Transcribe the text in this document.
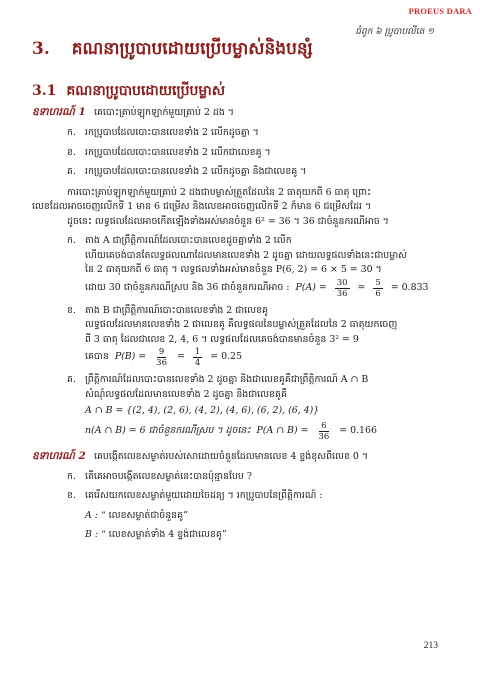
PROEUS DARA
ជំពូក ៦ ប្រូបាបលីតេ ១
3. គណនាប្រូបាបដោយប្រើបម្លាស់និងបន្សំ
3.1 គណនាប្រូបាបដោយប្រើបម្លាស់
ឧទាហរណ៍ 1 គេបោះគ្រាប់ឡុកឡាក់មួយគ្រាប់ 2 ដង ។
ក. រកប្រូបាបដែលបោះបានលេខទាំង 2 លើកដូចគ្នា ។
ខ. រកប្រូបាបដែលបោះបានលេខទាំង 2 លើកជាលេខគូ ។
គ. រកប្រូបាបដែលបោះបានលេខទាំង 2 លើកដូចគ្នា និងជាលេខគូ ។
ការបោះគ្រាប់ឡុកឡាក់មួយគ្រាប់ 2 ដងជាបម្លាស់ត្រួតដែលនៃ 2 ធាតុយកពី 6 ធាតុ ព្រោះ
លេខដែលអាចចេញលើកទី 1 មាន 6 ជម្រើស និងលេខអាចចេញលើកទី 2 ក៏មាន 6 ជម្រើសដែរ ។
ដូចនេះ លទ្ធផលដែលអាចកើតឡើងទាំងអស់មានចំនួន 6² = 36 ។ 36 ជាចំនួនករណីអាច ។
ក. តាង A ជាព្រឹត្តិការណ៍ដែលបោះបានលេខដូចគ្នាទាំង 2 លើក
ហើយគេចង់បានតែលទ្ធផលណាដែលមានលេខទាំង 2 ដូចគ្នា ដោយលទ្ធផលទាំងនេះជាបម្លាស់
នៃ 2 ធាតុយកពី 6 ធាតុ ។ លទ្ធផលទាំងអស់មានចំនួន P(6, 2) = 6 × 5 = 30 ។
ដោយ 30 ជាចំនួនករណីស្រប និង 36 ជាចំនួនករណីអាច : $P(A) = \frac{30}{36} = \frac{5}{6} = 0.833$
ខ. តាង B ជាព្រឹត្តិការណ៍បោះបានលេខទាំង 2 ជាលេខគូ
លទ្ធផលដែលមានលេខទាំង 2 ជាលេខគូ គឺលទ្ធផលនៃបម្លាស់ត្រួតដែលនៃ 2 ធាតុយកចេញ
ពី 3 ធាតុ ដែលជាលេខ 2, 4, 6 ។ លទ្ធផលដែលគេចង់បានមានចំនួន 3² = 9
គេបាន $P(B) = \frac{9}{36} = \frac{1}{4} = 0.25$
គ. ព្រឹត្តិការណ៍ដែលបោះបានលេខទាំង 2 ដូចគ្នា និងជាលេខគូគឺជាព្រឹត្តិការណ៍ A ∩ B
សំណុំលទ្ធផលដែលមានលេខទាំង 2 ដូចគ្នា និងជាលេខគូគឺ
A ∩ B = {(2, 4), (2, 6), (4, 2), (4, 6), (6, 2), (6, 4)}
n(A ∩ B) = 6 ជាចំនួនករណីស្រប ។ ដូចនេះ P(A ∩ $B) = \frac{6}{36} = 0.166$
ឧទាហរណ៍ 2 គេបង្កើតលេខសម្ងាត់របស់សោដោយចំនួនដែលមានលេខ 4 ខ្ទង់ខុសពីលេខ 0 ។
ក. តើគេអាចបង្កើតលេខសម្ងាត់នេះបានប៉ុន្មានបែប ?
ខ. គេរើសយកលេខសម្ងាត់មួយដោយចៃដន្យ ។ រកប្រូបាបនៃព្រឹត្តិការណ៍ :
A : “ លេខសម្ងាត់ជាចំនួនគូ”
B : “ លេខសម្ងាត់ទាំង 4 ខ្ទង់ជាលេខគូ”
213
